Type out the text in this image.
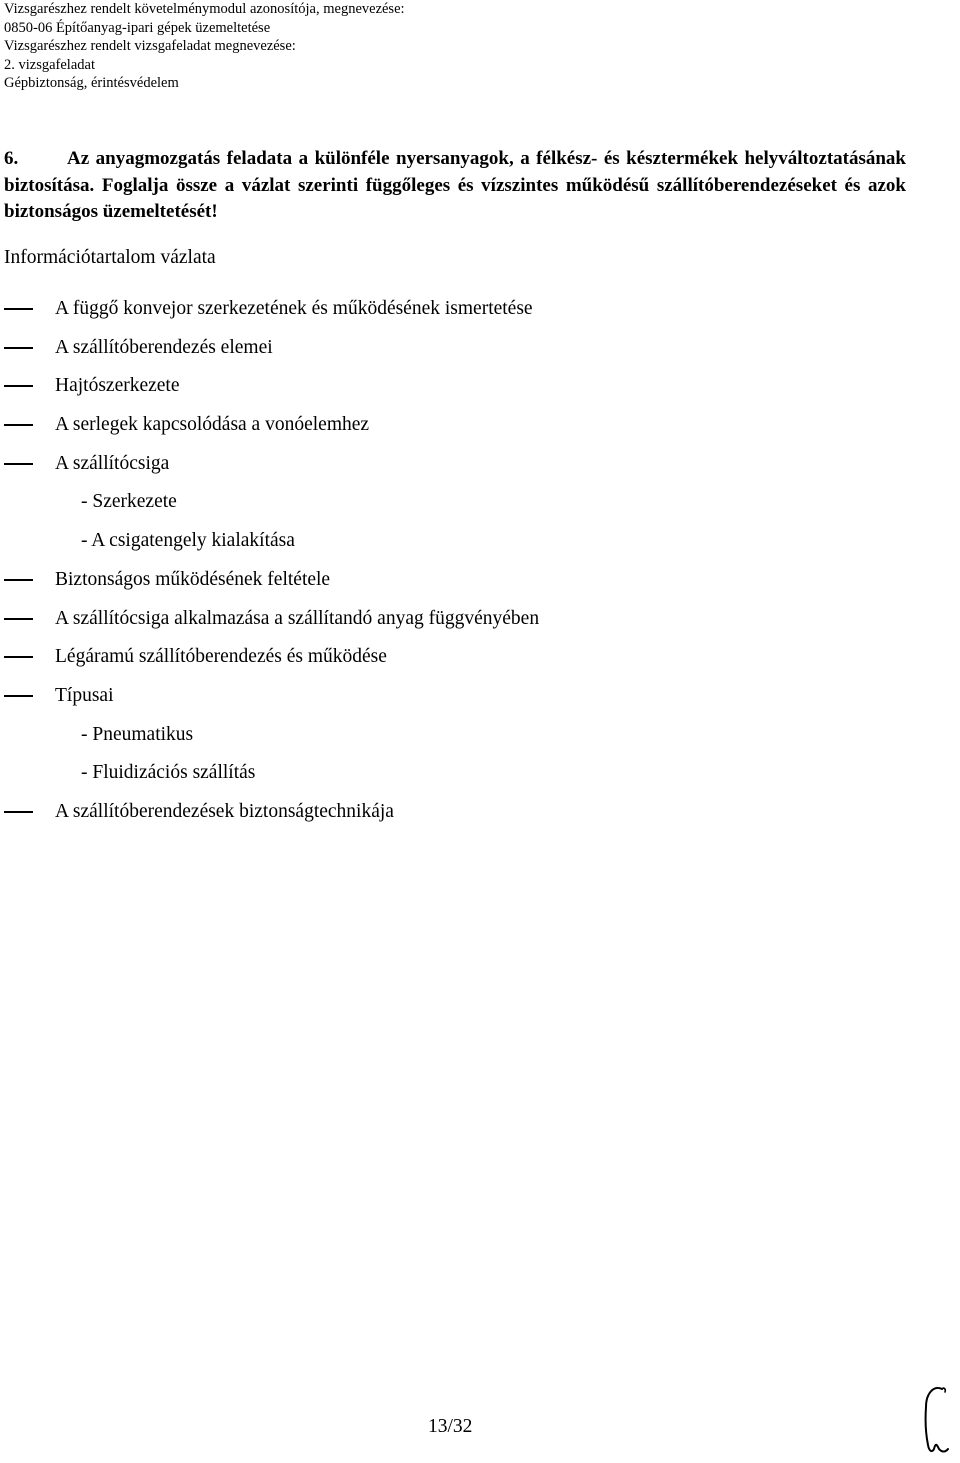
Vizsgarészhez rendelt követelménymodul azonosítója, megnevezése:
0850-06 Építőanyag-ipari gépek üzemeltetése
Vizsgarészhez rendelt vizsgafeladat megnevezése:
2. vizsgafeladat
Gépbiztonság, érintésvédelem
6.	Az anyagmozgatás feladata a különféle nyersanyagok, a félkész- és késztermékek helyváltoztatásának biztosítása. Foglalja össze a vázlat szerinti függőleges és vízszintes működésű szállítóberendezéseket és azok biztonságos üzemeltetését!
Információtartalom vázlata
A függő konvejor szerkezetének és működésének ismertetése
A szállítóberendezés elemei
Hajtószerkezete
A serlegek kapcsolódása a vonóelemhez
A szállítócsiga
- Szerkezete
- A csigatengely kialakítása
Biztonságos működésének feltétele
A szállítócsiga alkalmazása a szállítandó anyag függvényében
Légáramú szállítóberendezés és működése
Típusai
- Pneumatikus
- Fluidizációs szállítás
A szállítóberendezések biztonságtechnikája
13/32
